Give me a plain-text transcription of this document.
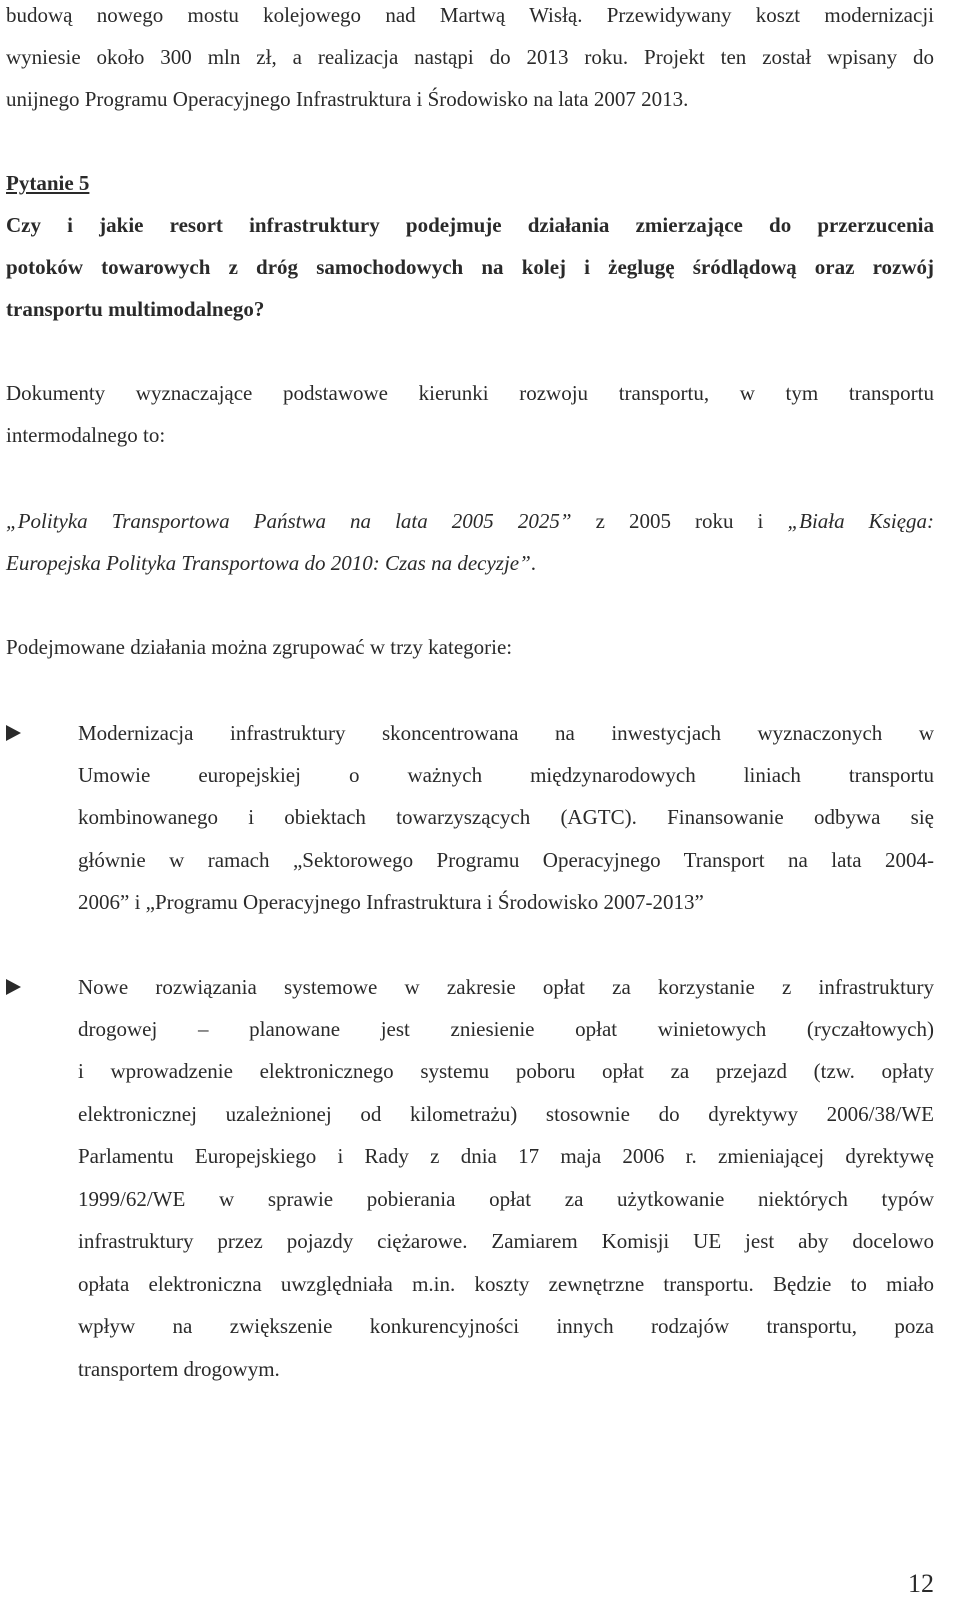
budową nowego mostu kolejowego nad Martwą Wisłą. Przewidywany koszt modernizacji
wyniesie około 300 mln zł, a realizacja nastąpi do 2013 roku. Projekt ten został wpisany do
unijnego Programu Operacyjnego Infrastruktura i Środowisko na lata 2007 2013.
Pytanie 5
Czy i jakie resort infrastruktury podejmuje działania zmierzające do przerzucenia
potoków towarowych z dróg samochodowych na kolej i żeglugę śródlądową oraz rozwój
transportu multimodalnego?
Dokumenty wyznaczające podstawowe kierunki rozwoju transportu, w tym transportu
intermodalnego to:
„Polityka Transportowa Państwa na lata 2005 2025” z 2005 roku i „Biała Księga:
Europejska Polityka Transportowa do 2010: Czas na decyzje”.
Podejmowane działania można zgrupować w trzy kategorie:
Modernizacja infrastruktury skoncentrowana na inwestycjach wyznaczonych w
Umowie europejskiej o ważnych międzynarodowych liniach transportu
kombinowanego i obiektach towarzyszących (AGTC). Finansowanie odbywa się
głównie w ramach „Sektorowego Programu Operacyjnego Transport na lata 2004-
2006” i „Programu Operacyjnego Infrastruktura i Środowisko 2007-2013”
Nowe rozwiązania systemowe w zakresie opłat za korzystanie z infrastruktury
drogowej – planowane jest zniesienie opłat winietowych (ryczałtowych)
i wprowadzenie elektronicznego systemu poboru opłat za przejazd (tzw. opłaty
elektronicznej uzależnionej od kilometrażu) stosownie do dyrektywy 2006/38/WE
Parlamentu Europejskiego i Rady z dnia 17 maja 2006 r. zmieniającej dyrektywę
1999/62/WE w sprawie pobierania opłat za użytkowanie niektórych typów
infrastruktury przez pojazdy ciężarowe. Zamiarem Komisji UE jest aby docelowo
opłata elektroniczna uwzględniała m.in. koszty zewnętrzne transportu. Będzie to miało
wpływ na zwiększenie konkurencyjności innych rodzajów transportu, poza
transportem drogowym.
12
